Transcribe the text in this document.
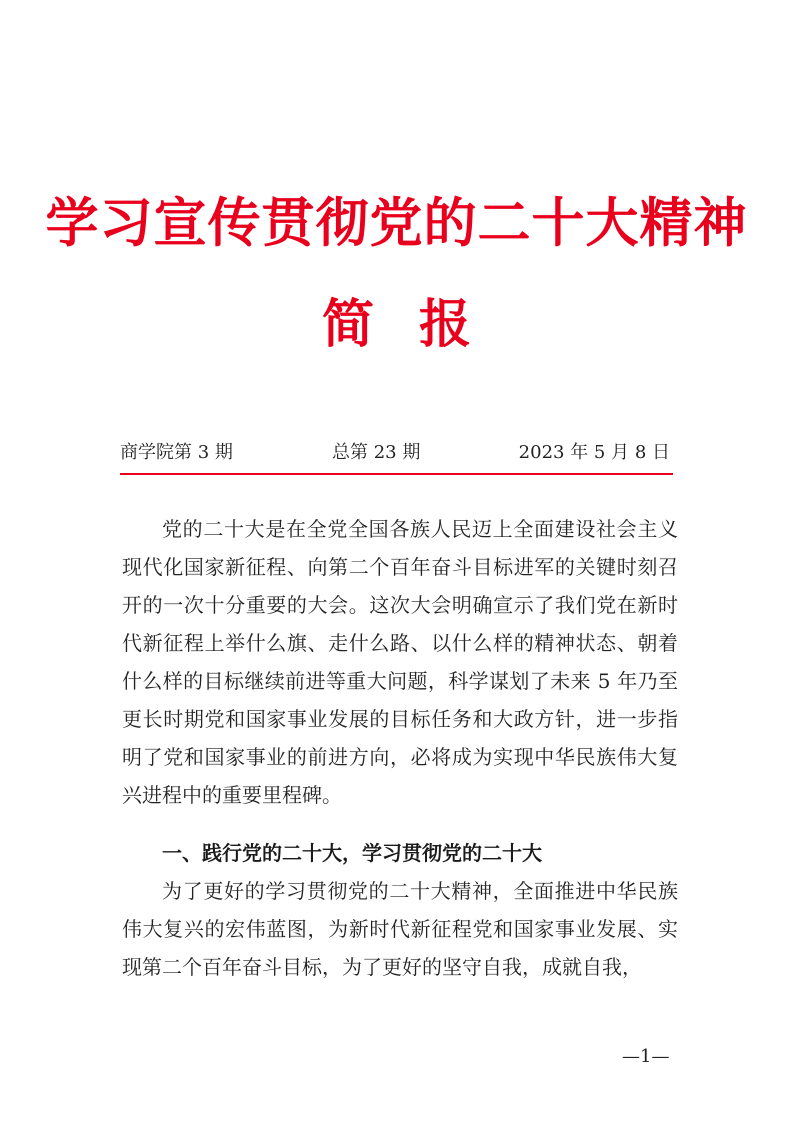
学习宣传贯彻党的二十大精神
简报
商学院第 3 期	总第 23 期	2023 年 5 月 8 日

党的二十大是在全党全国各族人民迈上全面建设社会主义现代化国家新征程、向第二个百年奋斗目标进军的关键时刻召开的一次十分重要的大会。这次大会明确宣示了我们党在新时代新征程上举什么旗、走什么路、以什么样的精神状态、朝着什么样的目标继续前进等重大问题，科学谋划了未来 5 年乃至更长时期党和国家事业发展的目标任务和大政方针，进一步指明了党和国家事业的前进方向，必将成为实现中华民族伟大复兴进程中的重要里程碑。

一、践行党的二十大，学习贯彻党的二十大

为了更好的学习贯彻党的二十大精神，全面推进中华民族伟大复兴的宏伟蓝图，为新时代新征程党和国家事业发展、实现第二个百年奋斗目标，为了更好的坚守自我，成就自我，

—1—
